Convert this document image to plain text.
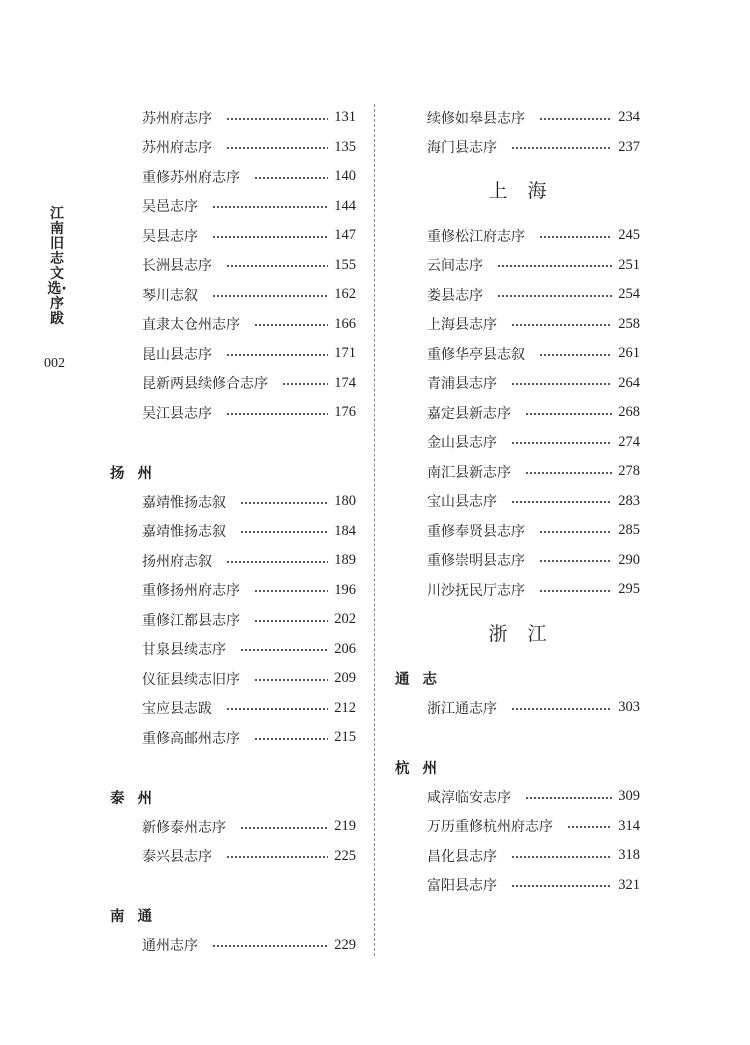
江南旧志文选·序跋
002
苏州府志序	131
苏州府志序	135
重修苏州府志序	140
吴邑志序	144
吴县志序	147
长洲县志序	155
琴川志叙	162
直隶太仓州志序	166
昆山县志序	171
昆新两县续修合志序	174
吴江县志序	176
扬州
嘉靖惟扬志叙	180
嘉靖惟扬志叙	184
扬州府志叙	189
重修扬州府志序	196
重修江都县志序	202
甘泉县续志序	206
仪征县续志旧序	209
宝应县志跋	212
重修高邮州志序	215
泰州
新修泰州志序	219
泰兴县志序	225
南通
通州志序	229
续修如皋县志序	234
海门县志序	237
上海
重修松江府志序	245
云间志序	251
娄县志序	254
上海县志序	258
重修华亭县志叙	261
青浦县志序	264
嘉定县新志序	268
金山县志序	274
南汇县新志序	278
宝山县志序	283
重修奉贤县志序	285
重修崇明县志序	290
川沙抚民厅志序	295
浙江
通志
浙江通志序	303
杭州
咸淳临安志序	309
万历重修杭州府志序	314
昌化县志序	318
富阳县志序	321
